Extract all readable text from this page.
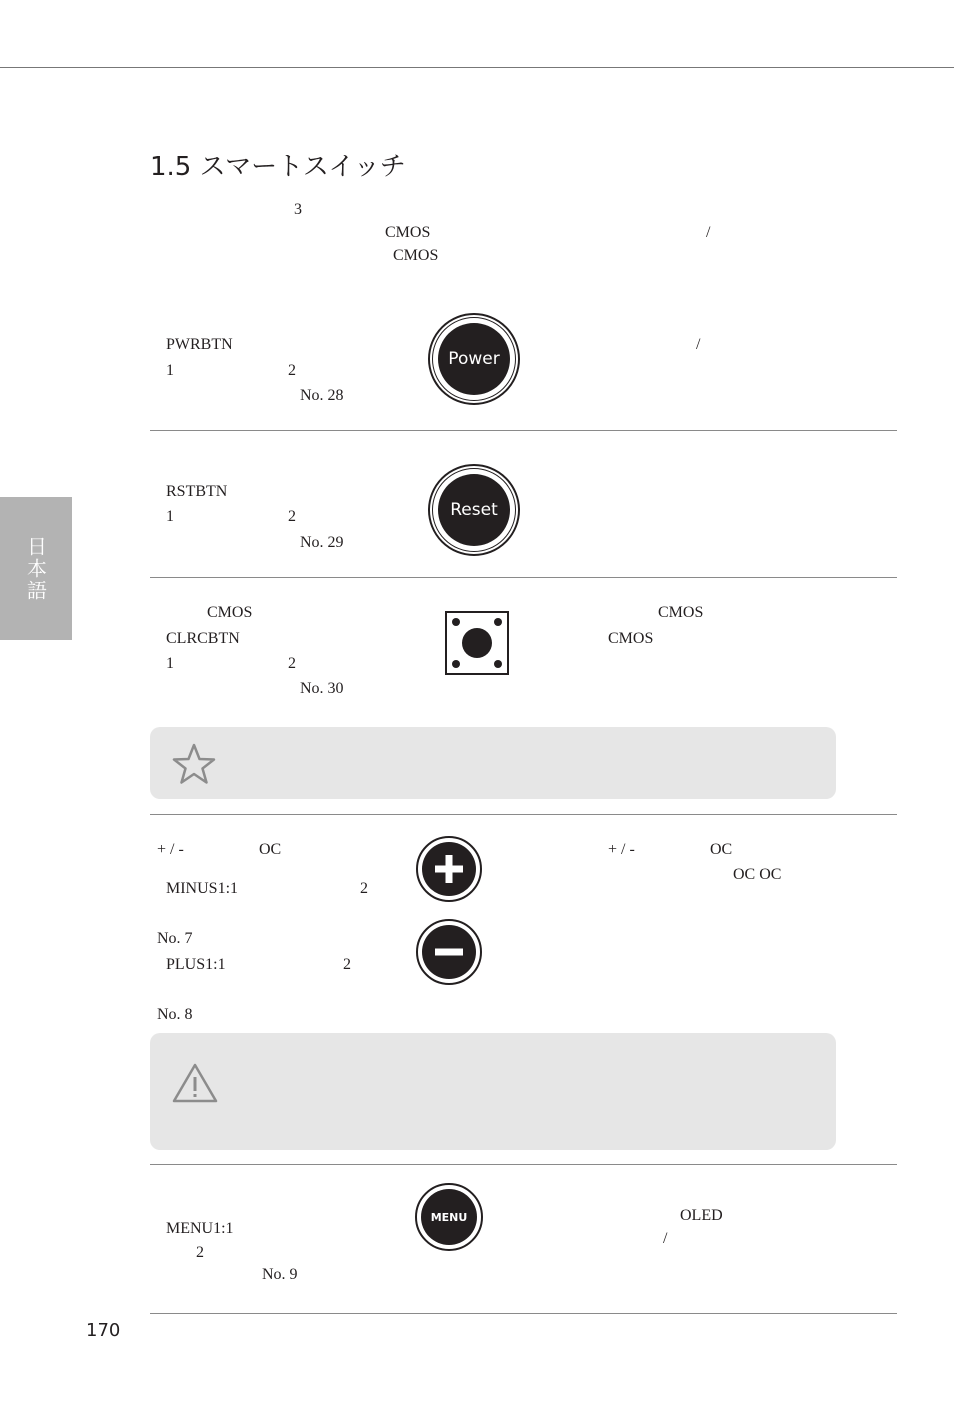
日本語
1.5 スマートスイッチ
3
CMOS	/
CMOS
PWRBTN
1	2
No. 28
/
Power
RSTBTN
1	2
No. 29
Reset
CMOS
CLRCBTN
1	2
No. 30
CMOS
CMOS
+ / -	OC
MINUS1:1	2
No. 7
PLUS1:1	2
No. 8
+ / -	OC
OC OC
MENU1:1
2
No. 9
OLED
/
MENU
170
